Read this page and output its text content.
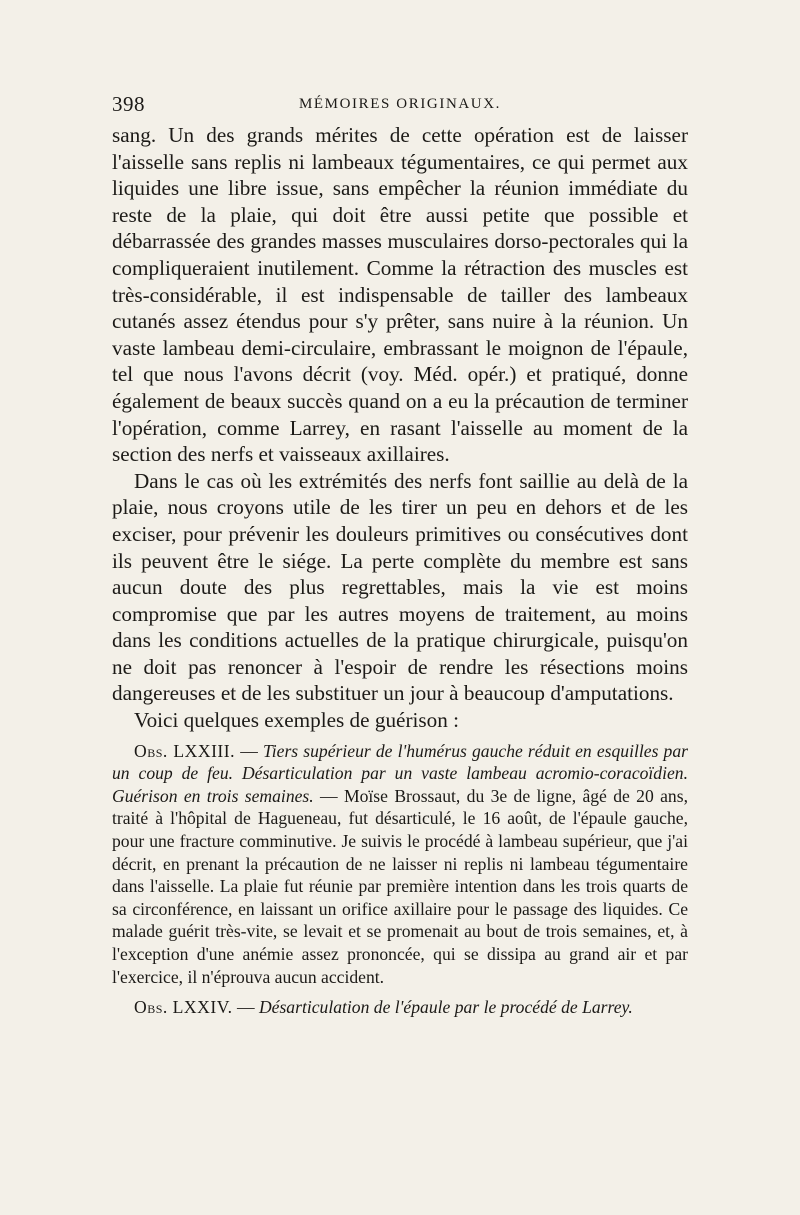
398	MÉMOIRES ORIGINAUX.

sang. Un des grands mérites de cette opération est de laisser l'aisselle sans replis ni lambeaux tégumentaires, ce qui permet aux liquides une libre issue, sans empêcher la réunion immédiate du reste de la plaie, qui doit être aussi petite que possible et débarrassée des grandes masses musculaires dorso-pectorales qui la compliqueraient inutilement. Comme la rétraction des muscles est très-considérable, il est indispensable de tailler des lambeaux cutanés assez étendus pour s'y prêter, sans nuire à la réunion. Un vaste lambeau demi-circulaire, embrassant le moignon de l'épaule, tel que nous l'avons décrit (voy. Méd. opér.) et pratiqué, donne également de beaux succès quand on a eu la précaution de terminer l'opération, comme Larrey, en rasant l'aisselle au moment de la section des nerfs et vaisseaux axillaires.

Dans le cas où les extrémités des nerfs font saillie au delà de la plaie, nous croyons utile de les tirer un peu en dehors et de les exciser, pour prévenir les douleurs primitives ou consécutives dont ils peuvent être le siége. La perte complète du membre est sans aucun doute des plus regrettables, mais la vie est moins compromise que par les autres moyens de traitement, au moins dans les conditions actuelles de la pratique chirurgicale, puisqu'on ne doit pas renoncer à l'espoir de rendre les résections moins dangereuses et de les substituer un jour à beaucoup d'amputations.

Voici quelques exemples de guérison :

Obs. LXXIII. — Tiers supérieur de l'humérus gauche réduit en esquilles par un coup de feu. Désarticulation par un vaste lambeau acromio-coracoïdien. Guérison en trois semaines. — Moïse Brossaut, du 3e de ligne, âgé de 20 ans, traité à l'hôpital de Hagueneau, fut désarticulé, le 16 août, de l'épaule gauche, pour une fracture comminutive. Je suivis le procédé à lambeau supérieur, que j'ai décrit, en prenant la précaution de ne laisser ni replis ni lambeau tégumentaire dans l'aisselle. La plaie fut réunie par première intention dans les trois quarts de sa circonférence, en laissant un orifice axillaire pour le passage des liquides. Ce malade guérit très-vite, se levait et se promenait au bout de trois semaines, et, à l'exception d'une anémie assez prononcée, qui se dissipa au grand air et par l'exercice, il n'éprouva aucun accident.

Obs. LXXIV. — Désarticulation de l'épaule par le procédé de Larrey.
